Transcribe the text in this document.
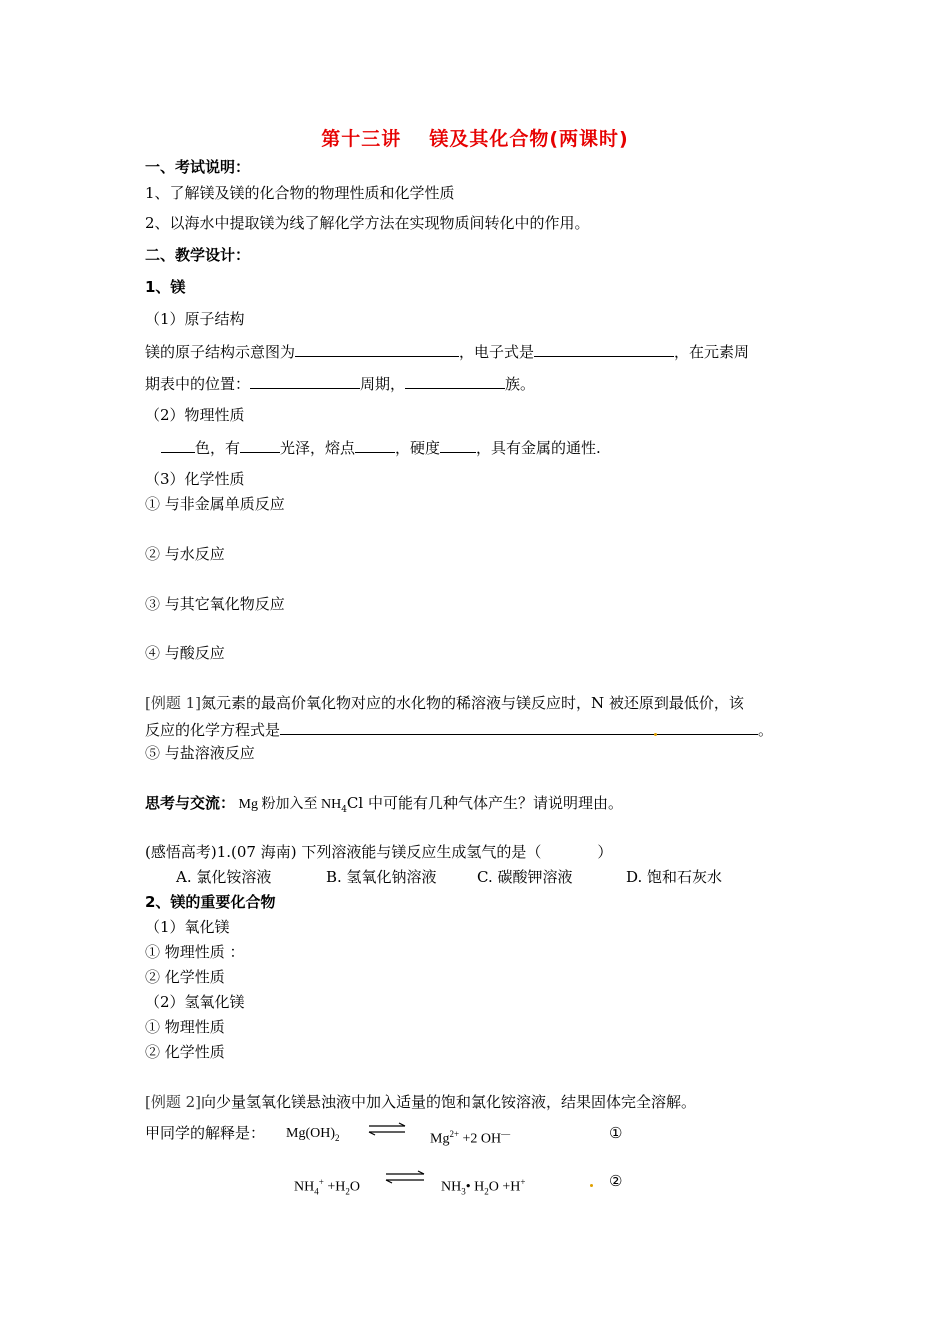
第十三讲 镁及其化合物(两课时)
一、考试说明：
1、了解镁及镁的化合物的物理性质和化学性质
2、以海水中提取镁为线了解化学方法在实现物质间转化中的作用。
二、教学设计：
1、镁
（1）原子结构
镁的原子结构示意图为	，电子式是	，在元素周
期表中的位置：	周期，	族。
（2）物理性质
色，有	光泽，熔点	，硬度 ，具有金属的通性.
（3）化学性质
① 与非金属单质反应
② 与水反应
③ 与其它氧化物反应
④ 与酸反应
[例题 1]氮元素的最高价氧化物对应的水化物的稀溶液与镁反应时，N 被还原到最低价，该
反应的化学方程式是	。
⑤ 与盐溶液反应
思考与交流： Mg 粉加入至 $NH_4Cl$ 中可能有几种气体产生？请说明理由。
(感悟高考)1.(07 海南) 下列溶液能与镁反应生成氢气的是（	）
A. 氯化铵溶液	B. 氢氧化钠溶液	C. 碳酸钾溶液	D. 饱和石灰水
2、镁的重要化合物
（1）氧化镁
① 物理性质 ：
② 化学性质
（2）氢氧化镁
① 物理性质
② 化学性质
[例题 2]向少量氢氧化镁悬浊液中加入适量的饱和氯化铵溶液，结果固体完全溶解。
甲同学的解释是： $Mg(OH)_2$	$Mg^{2+} +2$ OH—	①
$NH_4^+ +H_2O$	$NH_3•$ $H_2O +H^+$	②
